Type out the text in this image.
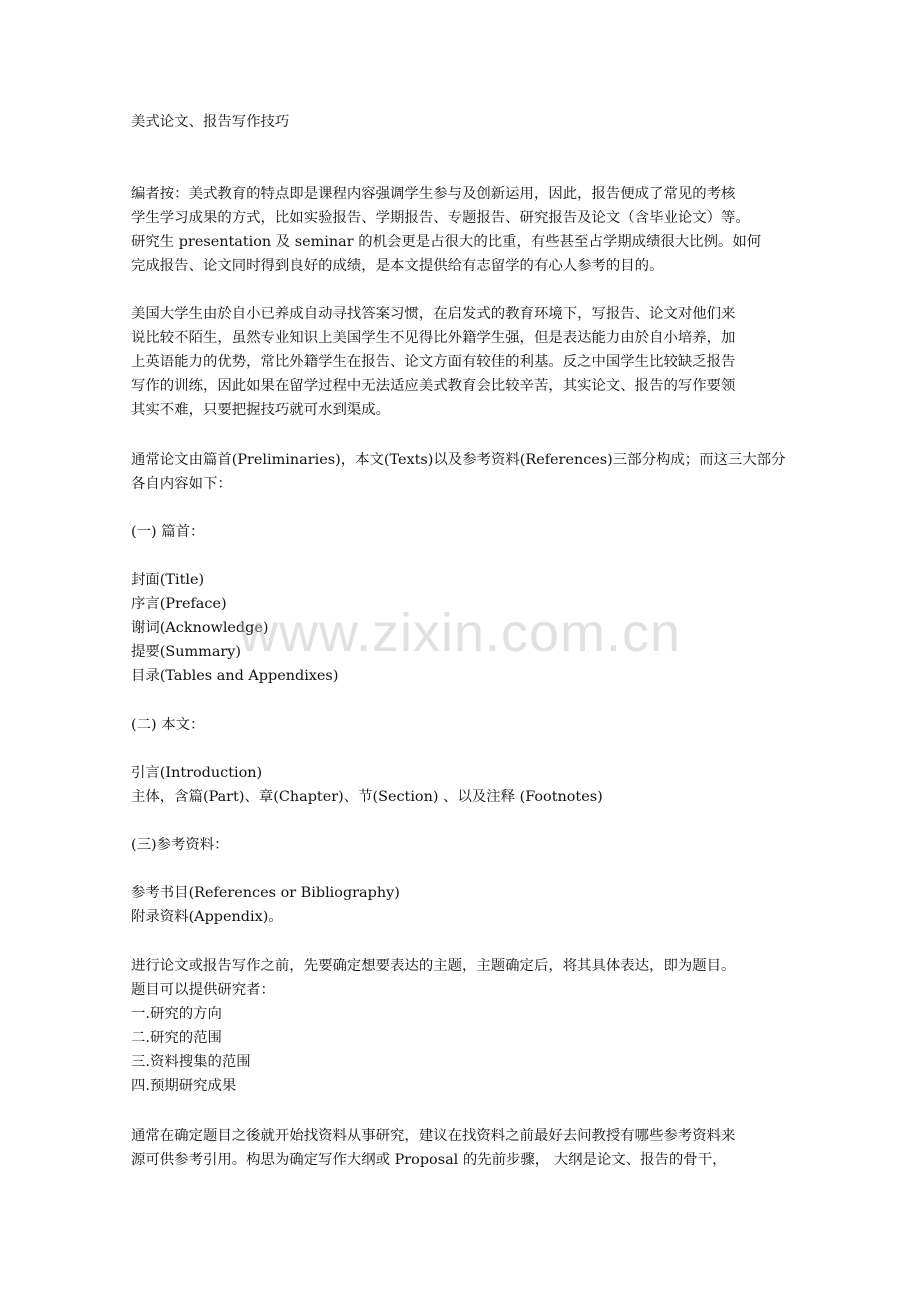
美式论文、报告写作技巧
编者按：美式教育的特点即是课程内容强调学生参与及创新运用，因此，报告便成了常见的考核
学生学习成果的方式，比如实验报告、学期报告、专题报告、研究报告及论文（含毕业论文）等。
研究生 presentation 及 seminar 的机会更是占很大的比重，有些甚至占学期成绩很大比例。如何
完成报告、论文同时得到良好的成绩，是本文提供给有志留学的有心人参考的目的。
美国大学生由於自小已养成自动寻找答案习惯，在启发式的教育环境下，写报告、论文对他们来
说比较不陌生，虽然专业知识上美国学生不见得比外籍学生强，但是表达能力由於自小培养，加
上英语能力的优势，常比外籍学生在报告、论文方面有较佳的利基。反之中国学生比较缺乏报告
写作的训练，因此如果在留学过程中无法适应美式教育会比较辛苦，其实论文、报告的写作要领
其实不难，只要把握技巧就可水到渠成。
通常论文由篇首(Preliminaries)，本文(Texts)以及参考资料(References)三部分构成；而这三大部分
各自内容如下：
(一) 篇首：
封面(Title)
序言(Preface)
谢词(Acknowledge)
提要(Summary)
目录(Tables and Appendixes)
(二) 本文：
引言(Introduction)
主体，含篇(Part)、章(Chapter)、节(Section) 、以及注释 (Footnotes)
(三)参考资料：
参考书目(References or Bibliography)
附录资料(Appendix)。
进行论文或报告写作之前，先要确定想要表达的主题，主题确定后，将其具体表达，即为题目。
题目可以提供研究者：
一.研究的方向
二.研究的范围
三.资料搜集的范围
四.预期研究成果
通常在确定题目之後就开始找资料从事研究，建议在找资料之前最好去问教授有哪些参考资料来
源可供参考引用。构思为确定写作大纲或 Proposal 的先前步骤， 大纲是论文、报告的骨干，
www.zixin.com.cn
